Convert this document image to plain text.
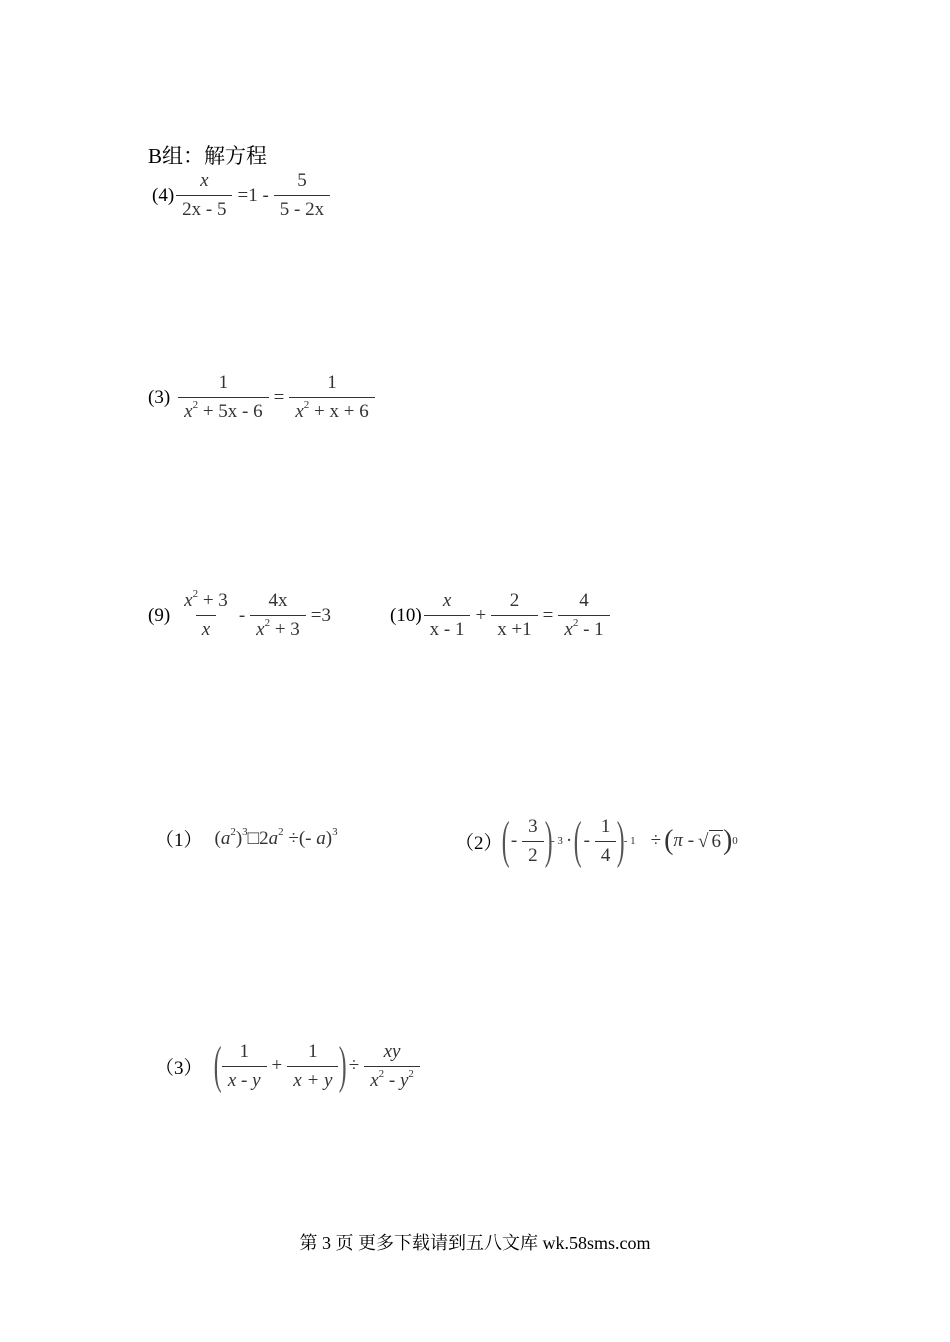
B组：解方程
$(4) \frac{x}{2x - 5} =1 - \frac{5}{5 - 2x}$
$(3) \frac{1}{x^2 + 5x - 6} = \frac{1}{x^2 + x + 6}$
$(9) \frac{x^2 + 3}{x} - \frac{4x}{x^2 + 3} =3$	$(10) \frac{x}{x - 1} + \frac{2}{x +1} = \frac{4}{x^2 - 1}$
（1） $(a^2)^3□2a^2$ ÷(- a)$^3$
（2）
( - $\frac{3}{2}$ )
- 3 · ( - $\frac{1}{4}$ )
- 1 ÷ ( π - √ 6 ) 0
（3） ( $\frac{1}{x - y} + \frac{1}{x + y}$ ) ÷ $\frac{xy}{x^2 - y^2}$
第 3 页 更多下载请到五八文库 wk.58sms.com
